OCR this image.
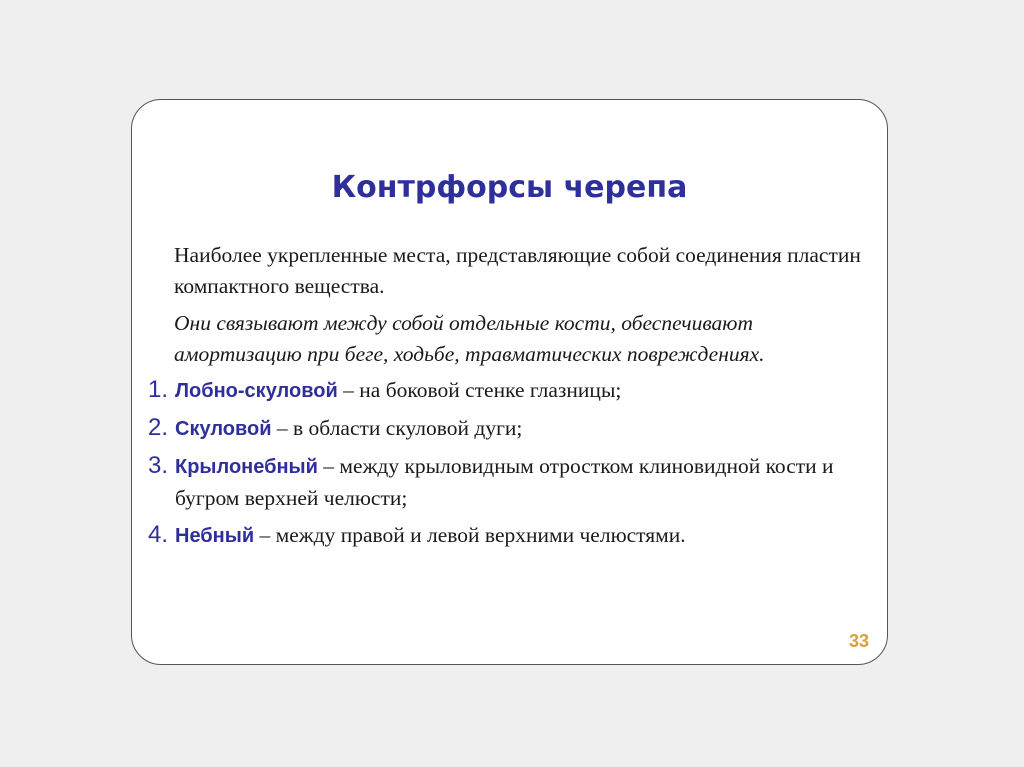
Контрфорсы черепа

Наиболее укрепленные места, представляющие собой соединения пластин компактного вещества.

Они связывают между собой отдельные кости, обеспечивают амортизацию при беге, ходьбе, травматических повреждениях.

1. Лобно-скуловой – на боковой стенке глазницы;
2. Скуловой – в области скуловой дуги;
3. Крылонебный – между крыловидным отростком клиновидной кости и бугром верхней челюсти;
4. Небный – между правой и левой верхними челюстями.
33
